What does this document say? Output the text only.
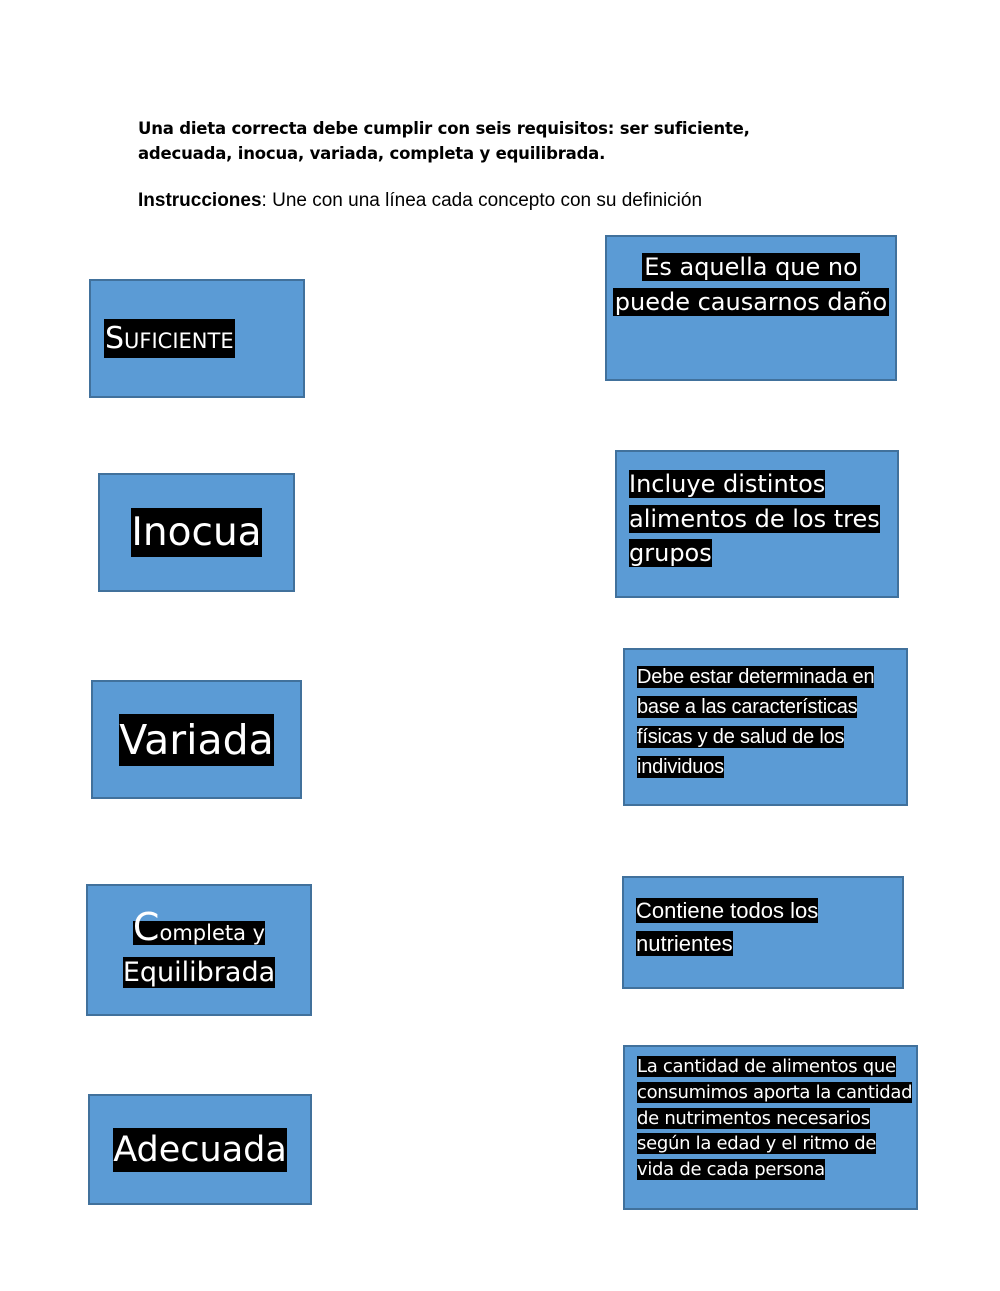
Una dieta correcta debe cumplir con seis requisitos: ser suficiente, adecuada, inocua, variada, completa y equilibrada.
Instrucciones: Une con una línea cada concepto con su definición
Suficiente
Inocua
Variada
Completa y
Equilibrada
Adecuada
Es aquella que no puede causarnos daño
Incluye distintos alimentos de los tres grupos
Debe estar determinada en base a las características físicas y de salud de los individuos
Contiene todos los nutrientes
La cantidad de alimentos que consumimos aporta la cantidad de nutrimentos necesarios según la edad y el ritmo de vida de cada persona
